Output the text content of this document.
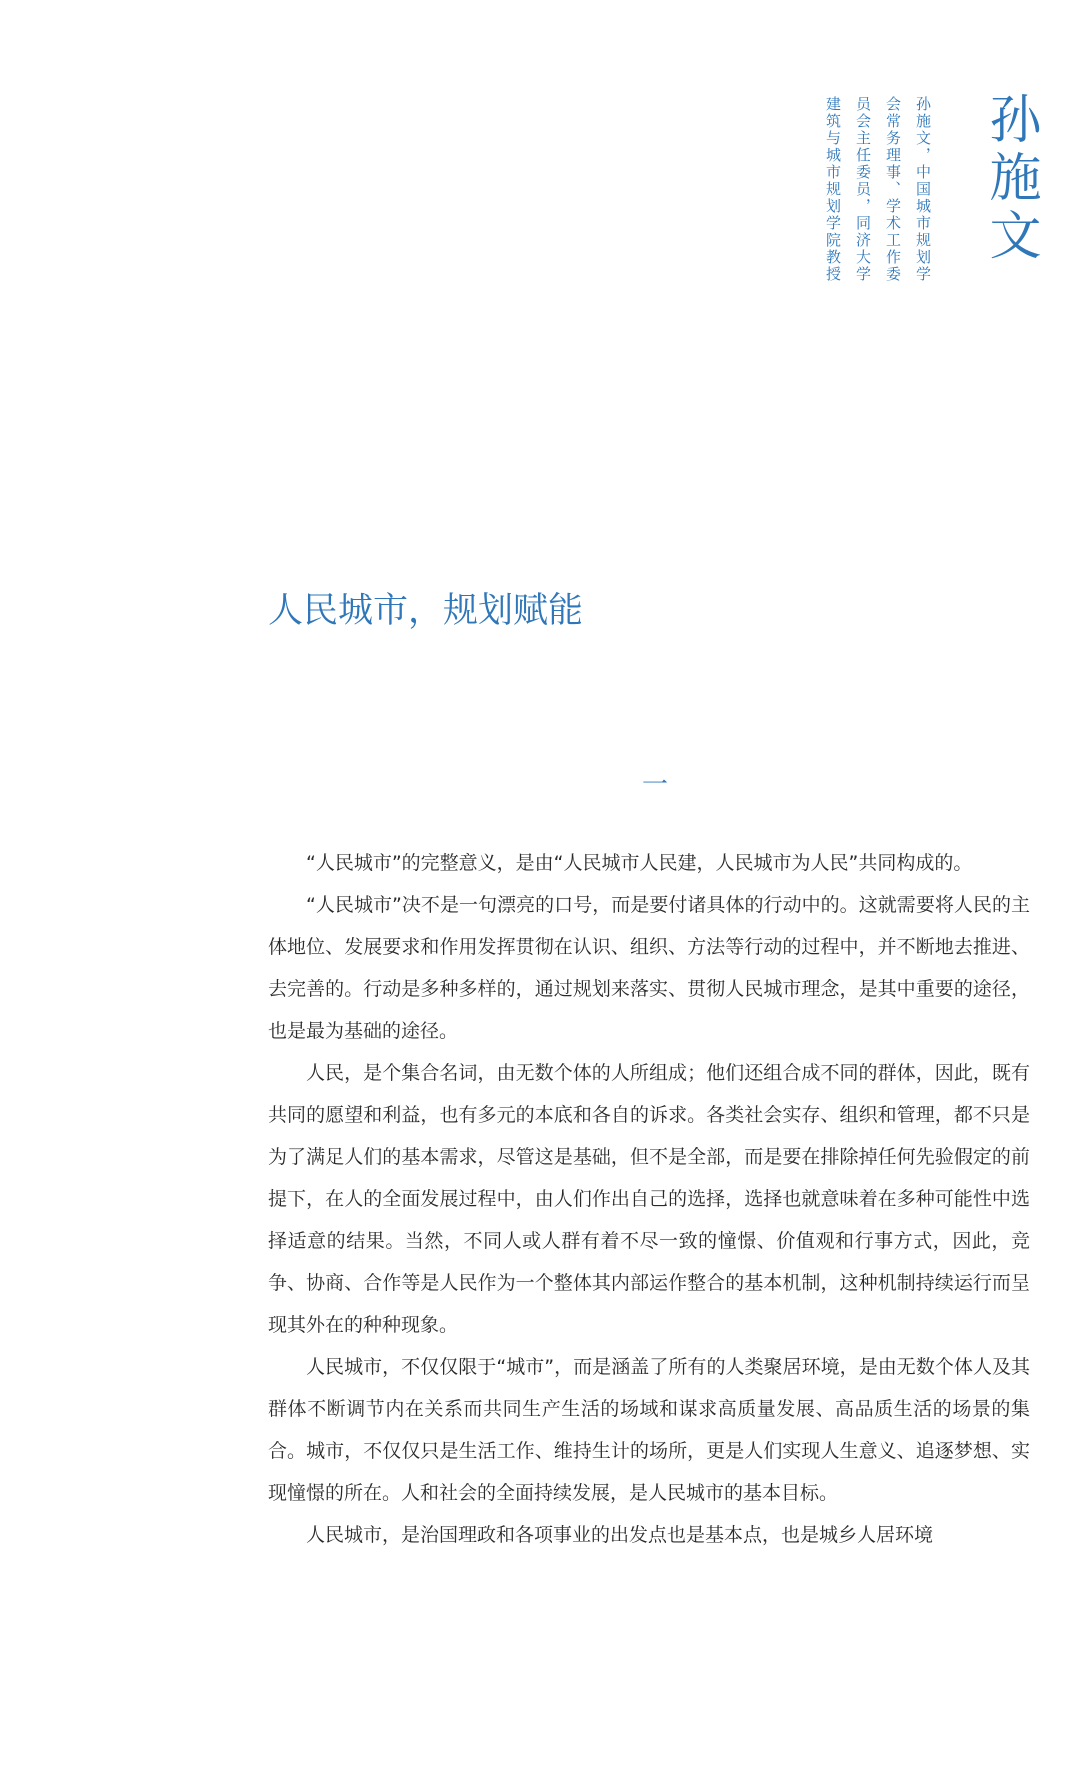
孙施文
孙施文，中国城市规划学会常务理事、学术工作委员会主任委员，同济大学建筑与城市规划学院教授
人民城市，规划赋能
一

“人民城市”的完整意义，是由“人民城市人民建，人民城市为人民”共同构成的。

“人民城市”决不是一句漂亮的口号，而是要付诸具体的行动中的。这就需要将人民的主体地位、发展要求和作用发挥贯彻在认识、组织、方法等行动的过程中，并不断地去推进、去完善的。行动是多种多样的，通过规划来落实、贯彻人民城市理念，是其中重要的途径，也是最为基础的途径。

人民，是个集合名词，由无数个体的人所组成；他们还组合成不同的群体，因此，既有共同的愿望和利益，也有多元的本底和各自的诉求。各类社会实存、组织和管理，都不只是为了满足人们的基本需求，尽管这是基础，但不是全部，而是要在排除掉任何先验假定的前提下，在人的全面发展过程中，由人们作出自己的选择，选择也就意味着在多种可能性中选择适意的结果。当然，不同人或人群有着不尽一致的憧憬、价值观和行事方式，因此，竞争、协商、合作等是人民作为一个整体其内部运作整合的基本机制，这种机制持续运行而呈现其外在的种种现象。

人民城市，不仅仅限于“城市”，而是涵盖了所有的人类聚居环境，是由无数个体人及其群体不断调节内在关系而共同生产生活的场域和谋求高质量发展、高品质生活的场景的集合。城市，不仅仅只是生活工作、维持生计的场所，更是人们实现人生意义、追逐梦想、实现憧憬的所在。人和社会的全面持续发展，是人民城市的基本目标。

人民城市，是治国理政和各项事业的出发点也是基本点，也是城乡人居环境
